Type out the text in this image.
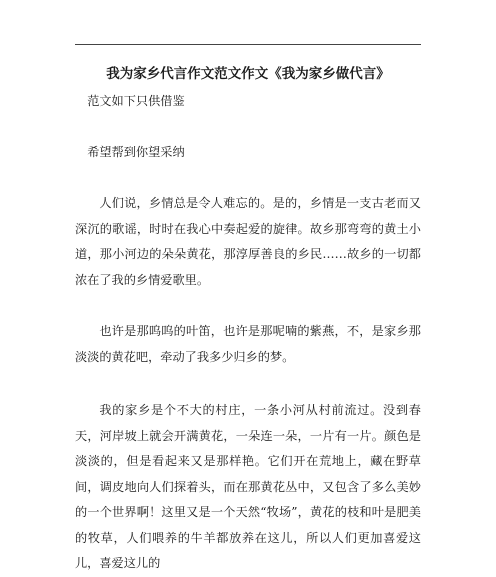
我为家乡代言作文范文作文《我为家乡做代言》

范文如下只供借鉴

希望帮到你望采纳

人们说，乡情总是令人难忘的。是的，乡情是一支古老而又深沉的歌谣，时时在我心中奏起爱的旋律。故乡那弯弯的黄土小道，那小河边的朵朵黄花，那淳厚善良的乡民……故乡的一切都浓在了我的乡情爱歌里。

也许是那呜呜的叶笛，也许是那呢喃的紫燕，不，是家乡那淡淡的黄花吧，牵动了我多少归乡的梦。

我的家乡是个不大的村庄，一条小河从村前流过。没到春天，河岸坡上就会开满黄花，一朵连一朵，一片有一片。颜色是淡淡的，但是看起来又是那样艳。它们开在荒地上，藏在野草间，调皮地向人们探着头，而在那黄花丛中，又包含了多么美妙的一个世界啊！这里又是一个天然“牧场”，黄花的枝和叶是肥美的牧草，人们喂养的牛羊都放养在这儿，所以人们更加喜爱这儿，喜爱这儿的
